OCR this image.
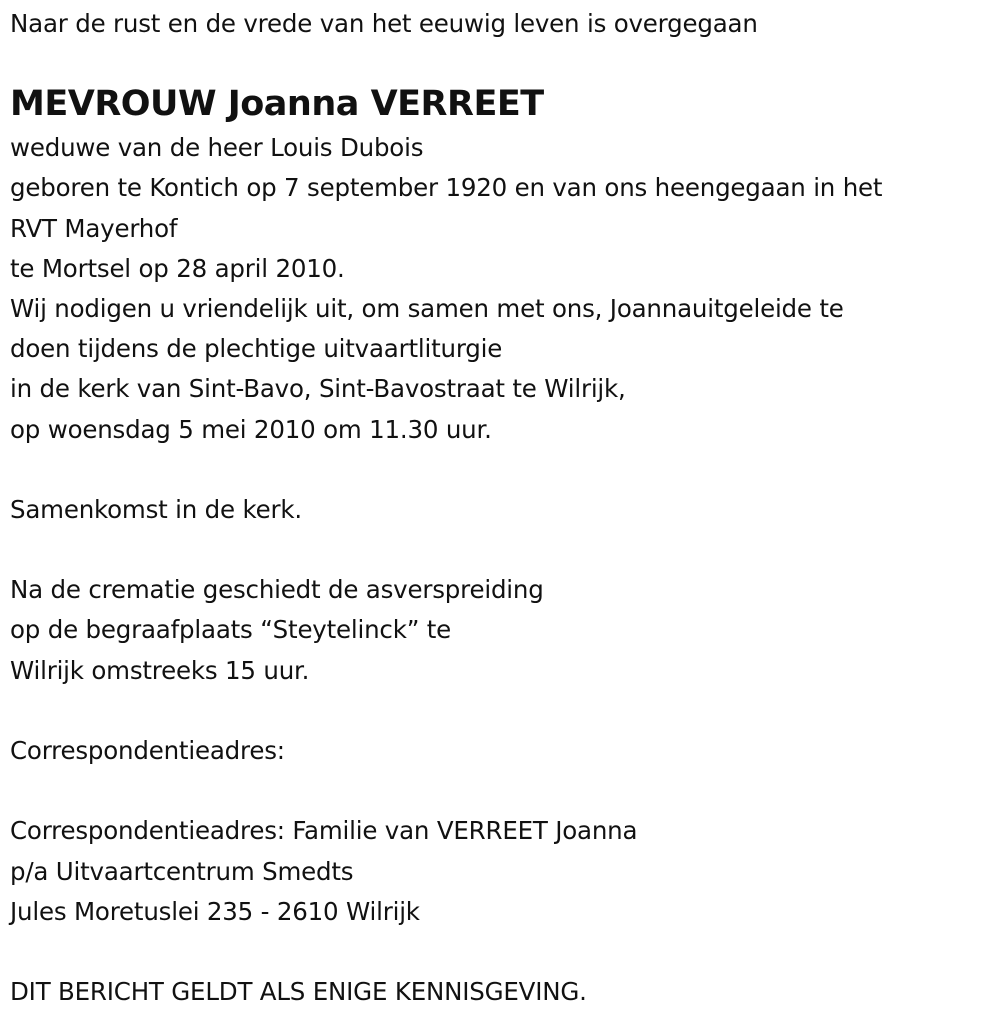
Naar de rust en de vrede van het eeuwig leven is overgegaan
MEVROUW Joanna VERREET
weduwe van de heer Louis Dubois
geboren te Kontich op 7 september 1920 en van ons heengegaan in het
RVT Mayerhof
te Mortsel op 28 april 2010.
Wij nodigen u vriendelijk uit, om samen met ons, Joannauitgeleide te
doen tijdens de plechtige uitvaartliturgie
in de kerk van Sint-Bavo, Sint-Bavostraat te Wilrijk,
op woensdag 5 mei 2010 om 11.30 uur.
Samenkomst in de kerk.
Na de crematie geschiedt de asverspreiding
op de begraafplaats “Steytelinck” te
Wilrijk omstreeks 15 uur.
Correspondentieadres:
Correspondentieadres: Familie van VERREET Joanna
p/a Uitvaartcentrum Smedts
Jules Moretuslei 235 - 2610 Wilrijk
DIT BERICHT GELDT ALS ENIGE KENNISGEVING.
